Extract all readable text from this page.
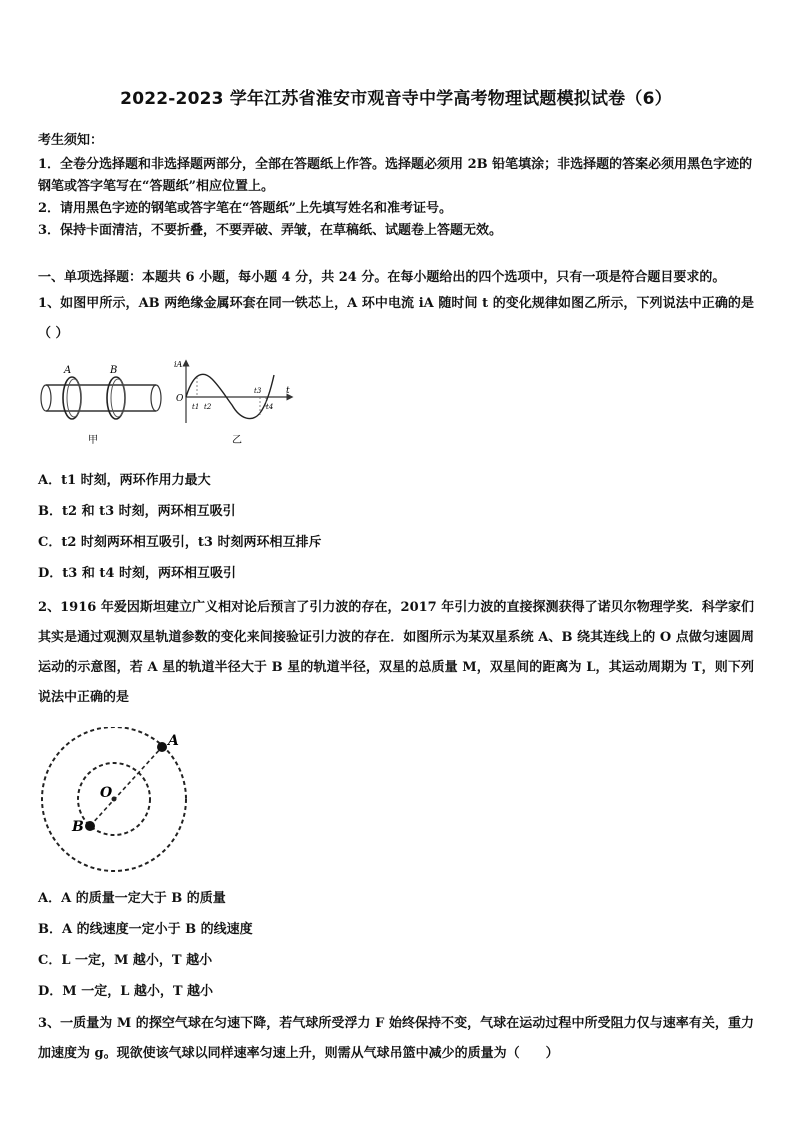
2022-2023 学年江苏省淮安市观音寺中学高考物理试题模拟试卷（6）

考生须知：

1．全卷分选择题和非选择题两部分，全部在答题纸上作答。选择题必须用 2B 铅笔填涂；非选择题的答案必须用黑色字迹的钢笔或答字笔写在“答题纸”相应位置上。

2．请用黑色字迹的钢笔或答字笔在“答题纸”上先填写姓名和准考证号。

3．保持卡面清洁，不要折叠，不要弄破、弄皱，在草稿纸、试题卷上答题无效。

一、单项选择题：本题共 6 小题，每小题 4 分，共 24 分。在每小题给出的四个选项中，只有一项是符合题目要求的。

1、如图甲所示，AB 两绝缘金属环套在同一铁芯上，A 环中电流 iA 随时间 t 的变化规律如图乙所示，下列说法中正确的是（ ）

A	B
甲
iA
t
O
t1 t2
t3
t4
乙

A．t1 时刻，两环作用力最大

B．t2 和 t3 时刻，两环相互吸引

C．t2 时刻两环相互吸引，t3 时刻两环相互排斥

D．t3 和 t4 时刻，两环相互吸引

2、1916 年爱因斯坦建立广义相对论后预言了引力波的存在，2017 年引力波的直接探测获得了诺贝尔物理学奖．科学家们其实是通过观测双星轨道参数的变化来间接验证引力波的存在．如图所示为某双星系统 A、B 绕其连线上的 O 点做匀速圆周运动的示意图，若 A 星的轨道半径大于 B 星的轨道半径，双星的总质量 M，双星间的距离为 L，其运动周期为 T，则下列说法中正确的是

A
B
O

A．A 的质量一定大于 B 的质量

B．A 的线速度一定小于 B 的线速度

C．L 一定，M 越小，T 越小

D．M 一定，L 越小，T 越小

3、一质量为 M 的探空气球在匀速下降，若气球所受浮力 F 始终保持不变，气球在运动过程中所受阻力仅与速率有关，重力加速度为 g。现欲使该气球以同样速率匀速上升，则需从气球吊篮中减少的质量为（　　）
